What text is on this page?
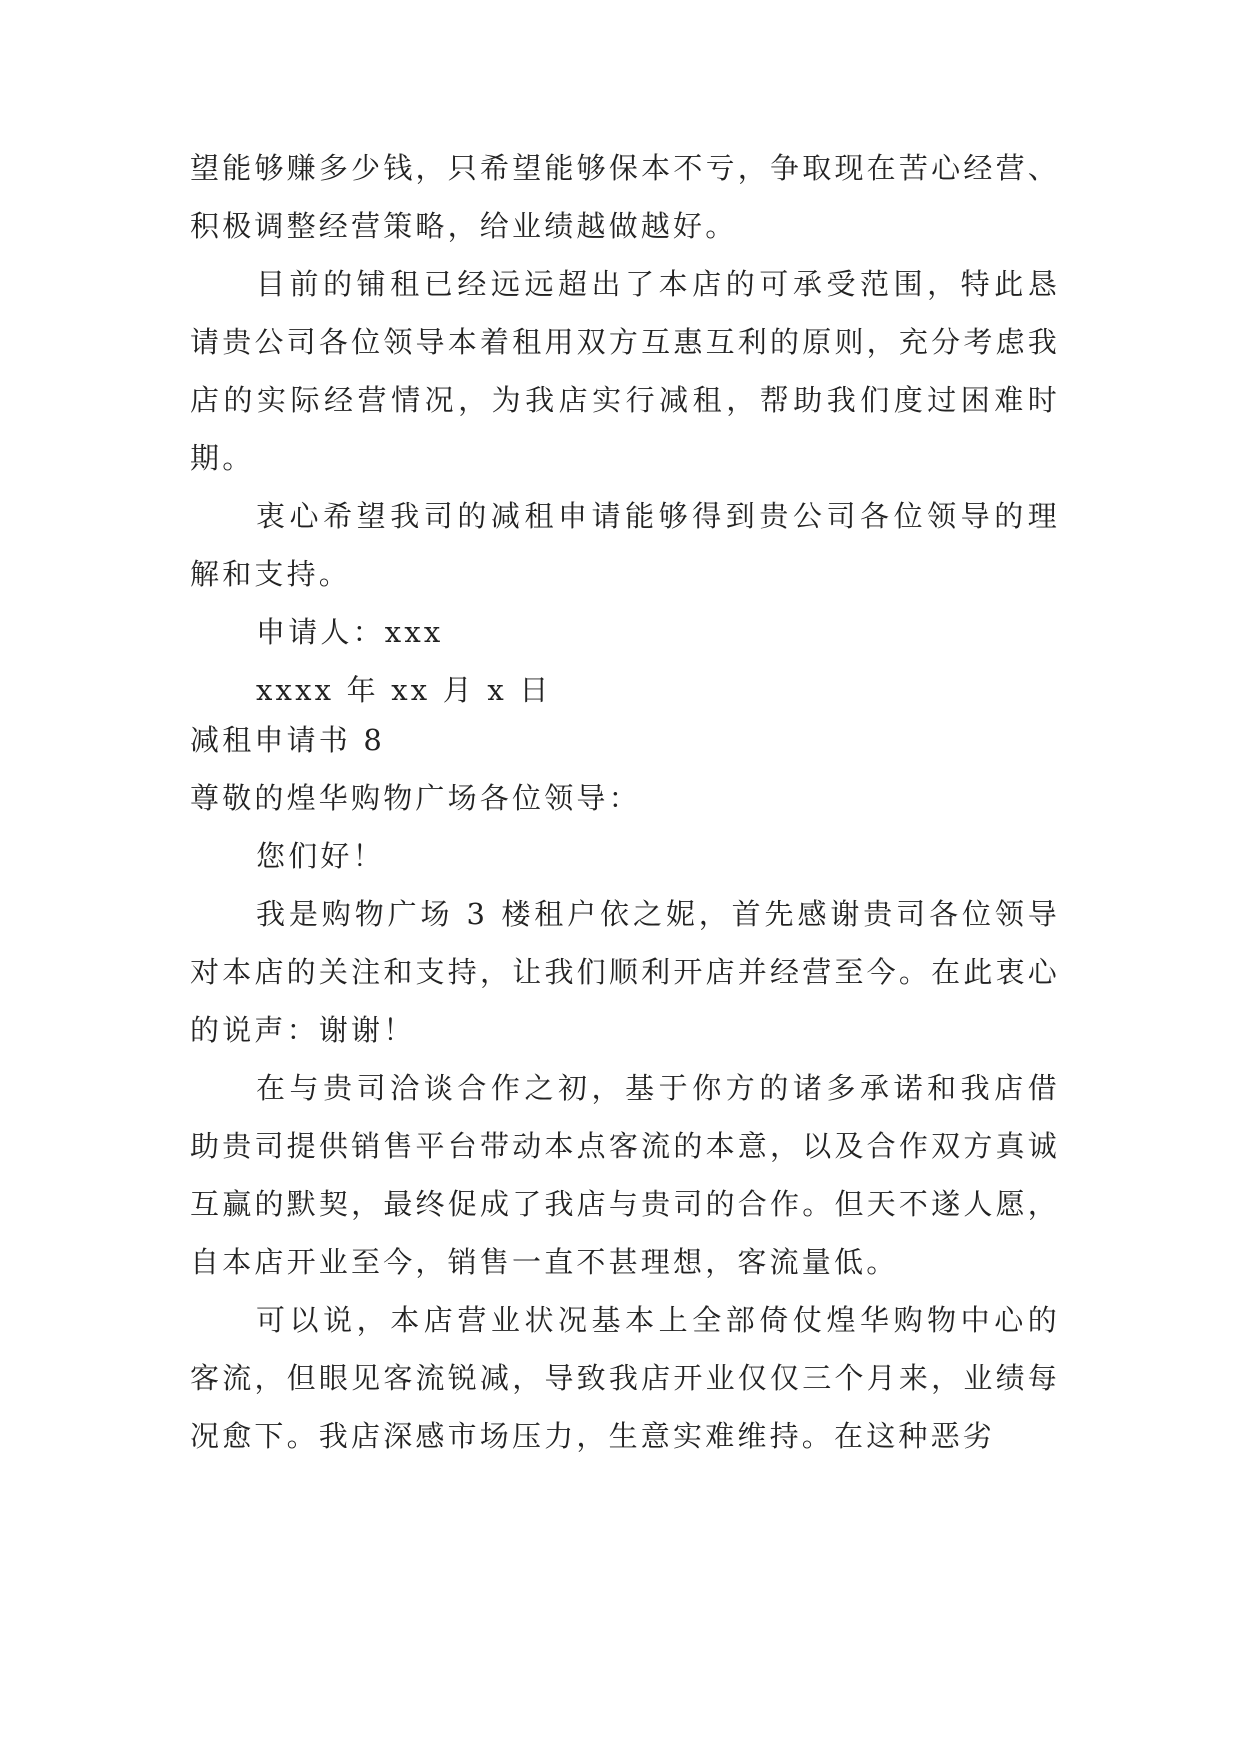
望能够赚多少钱，只希望能够保本不亏，争取现在苦心经营、积极调整经营策略，给业绩越做越好。

目前的铺租已经远远超出了本店的可承受范围，特此恳请贵公司各位领导本着租用双方互惠互利的原则，充分考虑我店的实际经营情况，为我店实行减租，帮助我们度过困难时期。

衷心希望我司的减租申请能够得到贵公司各位领导的理解和支持。

申请人：xxx

xxxx 年 xx 月 x 日

减租申请书 8

尊敬的煌华购物广场各位领导：

您们好！

我是购物广场 3 楼租户依之妮，首先感谢贵司各位领导对本店的关注和支持，让我们顺利开店并经营至今。在此衷心的说声：谢谢！

在与贵司洽谈合作之初，基于你方的诸多承诺和我店借助贵司提供销售平台带动本点客流的本意，以及合作双方真诚互赢的默契，最终促成了我店与贵司的合作。但天不遂人愿，自本店开业至今，销售一直不甚理想，客流量低。

可以说，本店营业状况基本上全部倚仗煌华购物中心的客流，但眼见客流锐减，导致我店开业仅仅三个月来，业绩每况愈下。我店深感市场压力，生意实难维持。在这种恶劣
